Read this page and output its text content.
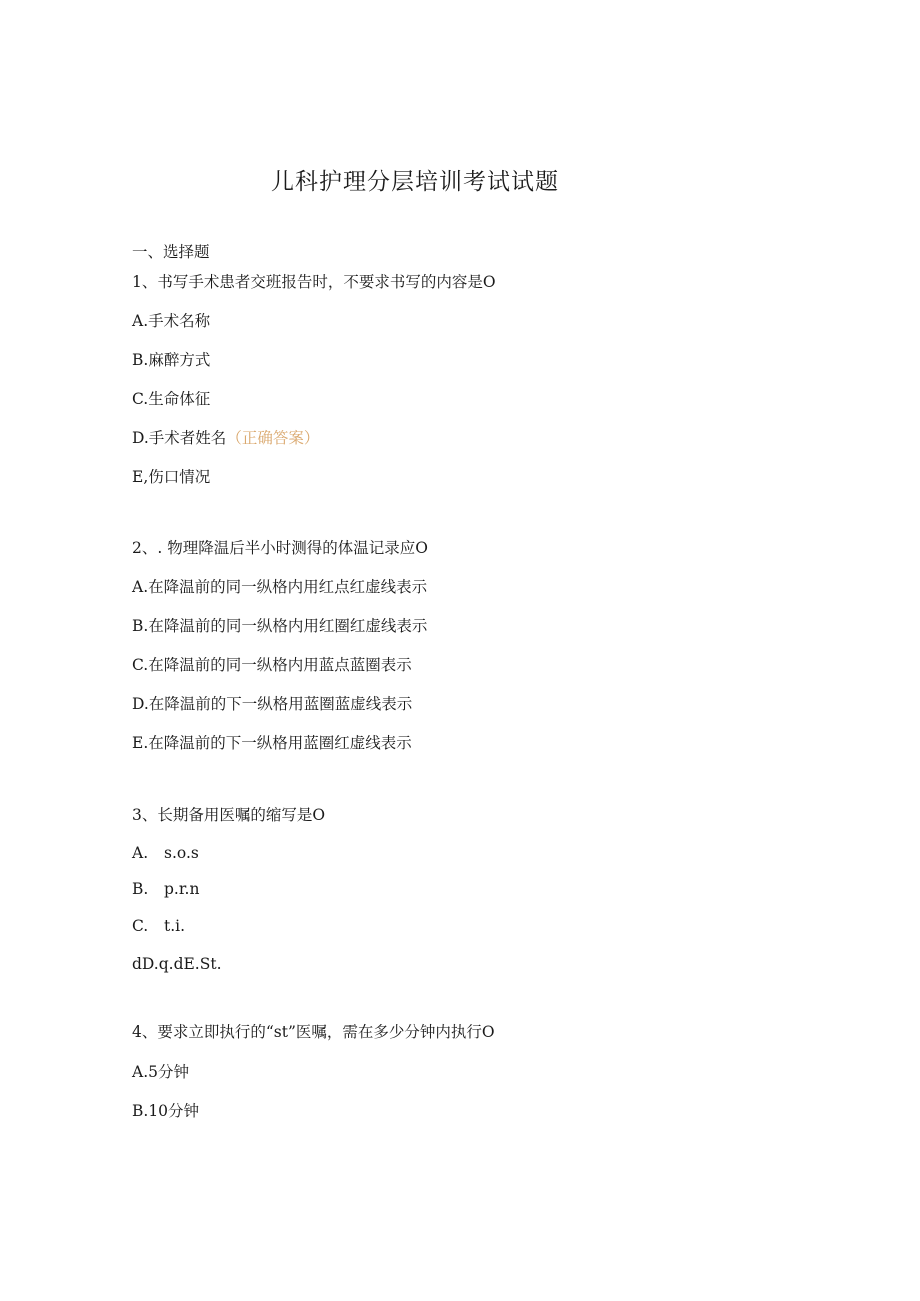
儿科护理分层培训考试试题

一、选择题

1、书写手术患者交班报告时，不要求书写的内容是O

A.手术名称

B.麻醉方式

C.生命体征

D.手术者姓名（正确答案）

E,伤口情况

2、. 物理降温后半小时测得的体温记录应O

A.在降温前的同一纵格内用红点红虚线表示

B.在降温前的同一纵格内用红圈红虚线表示

C.在降温前的同一纵格内用蓝点蓝圈表示

D.在降温前的下一纵格用蓝圈蓝虚线表示

E.在降温前的下一纵格用蓝圈红虚线表示

3、长期备用医嘱的缩写是O

A. s.o.s

B. p.r.n

C. t.i.

dD.q.dE.St.

4、要求立即执行的“st”医嘱，需在多少分钟内执行O

A.5分钟

B.10分钟
